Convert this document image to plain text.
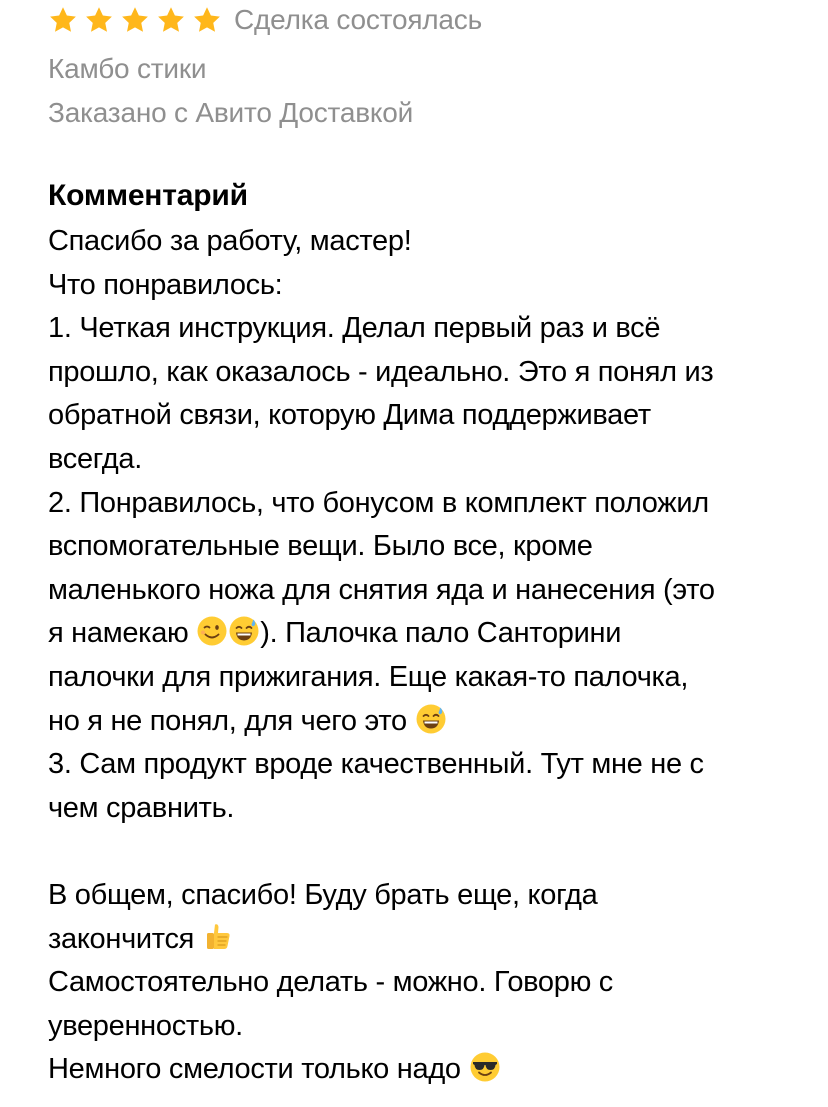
Сделка состоялась
Камбо стики
Заказано с Авито Доставкой
Комментарий
Спасибо за работу, мастер!
Что понравилось:
1. Четкая инструкция. Делал первый раз и всё
прошло, как оказалось - идеально. Это я понял из
обратной связи, которую Дима поддерживает
всегда.
2. Понравилось, что бонусом в комплект положил
вспомогательные вещи. Было все, кроме
маленького ножа для снятия яда и нанесения (это
я намекаю
). Палочка пало Санторини
палочки для прижигания. Еще какая-то палочка,
но я не понял, для чего это
3. Сам продукт вроде качественный. Тут мне не с
чем сравнить.
В общем, спасибо! Буду брать еще, когда
закончится
Самостоятельно делать - можно. Говорю с
уверенностью.
Немного смелости только надо
